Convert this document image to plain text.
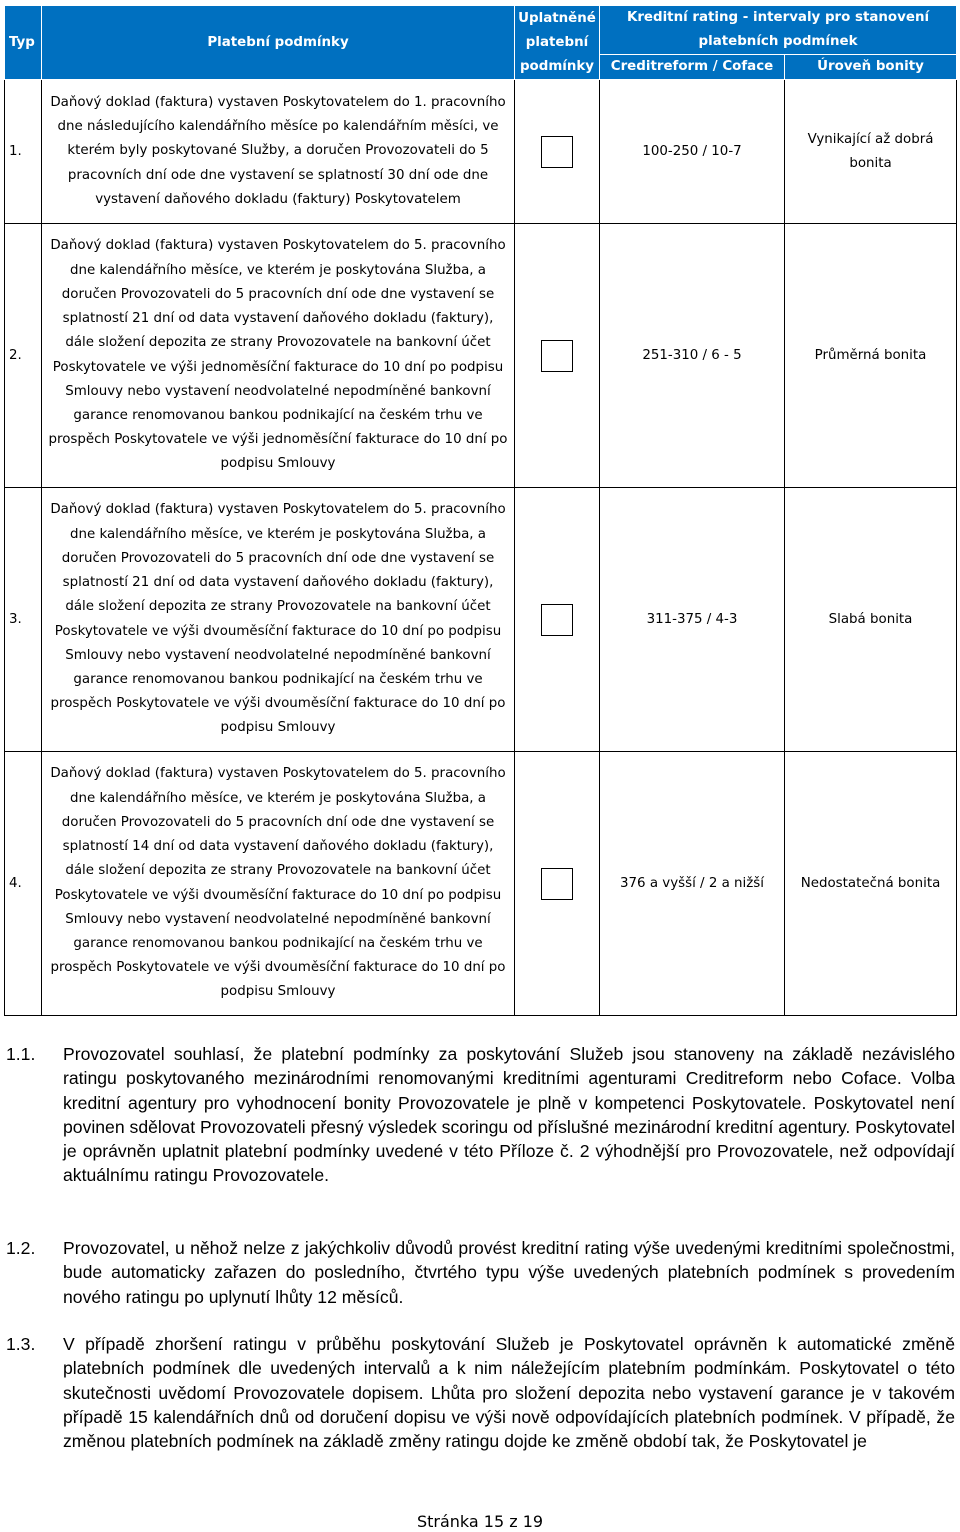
Typ	Platební podmínky	Uplatněné platební podmínky	Kreditní rating - intervaly pro stanovení platebních podmínek	
			Creditreform / Coface	Úroveň bonity
1.	Daňový doklad (faktura) vystaven Poskytovatelem do 1. pracovního dne následujícího kalendářního měsíce po kalendářním měsíci, ve kterém byly poskytované Služby, a doručen Provozovateli do 5 pracovních dní ode dne vystavení se splatností 30 dní ode dne vystavení daňového dokladu (faktury) Poskytovatelem		100-250 / 10-7	Vynikající až dobrá bonita
2.	Daňový doklad (faktura) vystaven Poskytovatelem do 5. pracovního dne kalendářního měsíce, ve kterém je poskytována Služba, a doručen Provozovateli do 5 pracovních dní ode dne vystavení se splatností 21 dní od data vystavení daňového dokladu (faktury), dále složení depozita ze strany Provozovatele na bankovní účet Poskytovatele ve výši jednoměsíční fakturace do 10 dní po podpisu Smlouvy nebo vystavení neodvolatelné nepodmíněné bankovní garance renomovanou bankou podnikající na českém trhu ve prospěch Poskytovatele ve výši jednoměsíční fakturace do 10 dní po podpisu Smlouvy		251-310 / 6 - 5	Průměrná bonita
3.	Daňový doklad (faktura) vystaven Poskytovatelem do 5. pracovního dne kalendářního měsíce, ve kterém je poskytována Služba, a doručen Provozovateli do 5 pracovních dní ode dne vystavení se splatností 21 dní od data vystavení daňového dokladu (faktury), dále složení depozita ze strany Provozovatele na bankovní účet Poskytovatele ve výši dvouměsíční fakturace do 10 dní po podpisu Smlouvy nebo vystavení neodvolatelné nepodmíněné bankovní garance renomovanou bankou podnikající na českém trhu ve prospěch Poskytovatele ve výši dvouměsíční fakturace do 10 dní po podpisu Smlouvy		311-375 / 4-3	Slabá bonita
4.	Daňový doklad (faktura) vystaven Poskytovatelem do 5. pracovního dne kalendářního měsíce, ve kterém je poskytována Služba, a doručen Provozovateli do 5 pracovních dní ode dne vystavení se splatností 14 dní od data vystavení daňového dokladu (faktury), dále složení depozita ze strany Provozovatele na bankovní účet Poskytovatele ve výši dvouměsíční fakturace do 10 dní po podpisu Smlouvy nebo vystavení neodvolatelné nepodmíněné bankovní garance renomovanou bankou podnikající na českém trhu ve prospěch Poskytovatele ve výši dvouměsíční fakturace do 10 dní po podpisu Smlouvy		376 a vyšší / 2 a nižší	Nedostatečná bonita
1.1. Provozovatel souhlasí, že platební podmínky za poskytování Služeb jsou stanoveny na základě nezávislého ratingu poskytovaného mezinárodními renomovanými kreditními agenturami Creditreform nebo Coface. Volba kreditní agentury pro vyhodnocení bonity Provozovatele je plně v kompetenci Poskytovatele. Poskytovatel není povinen sdělovat Provozovateli přesný výsledek scoringu od příslušné mezinárodní kreditní agentury. Poskytovatel je oprávněn uplatnit platební podmínky uvedené v této Příloze č. 2 výhodnější pro Provozovatele, než odpovídají aktuálnímu ratingu Provozovatele.
1.2. Provozovatel, u něhož nelze z jakýchkoliv důvodů provést kreditní rating výše uvedenými kreditními společnostmi, bude automaticky zařazen do posledního, čtvrtého typu výše uvedených platebních podmínek s provedením nového ratingu po uplynutí lhůty 12 měsíců.
1.3. V případě zhoršení ratingu v průběhu poskytování Služeb je Poskytovatel oprávněn k automatické změně platebních podmínek dle uvedených intervalů a k nim náležejícím platebním podmínkám. Poskytovatel o této skutečnosti uvědomí Provozovatele dopisem. Lhůta pro složení depozita nebo vystavení garance je v takovém případě 15 kalendářních dnů od doručení dopisu ve výši nově odpovídajících platebních podmínek. V případě, že změnou platebních podmínek na základě změny ratingu dojde ke změně období tak, že Poskytovatel je
Stránka 15 z 19
